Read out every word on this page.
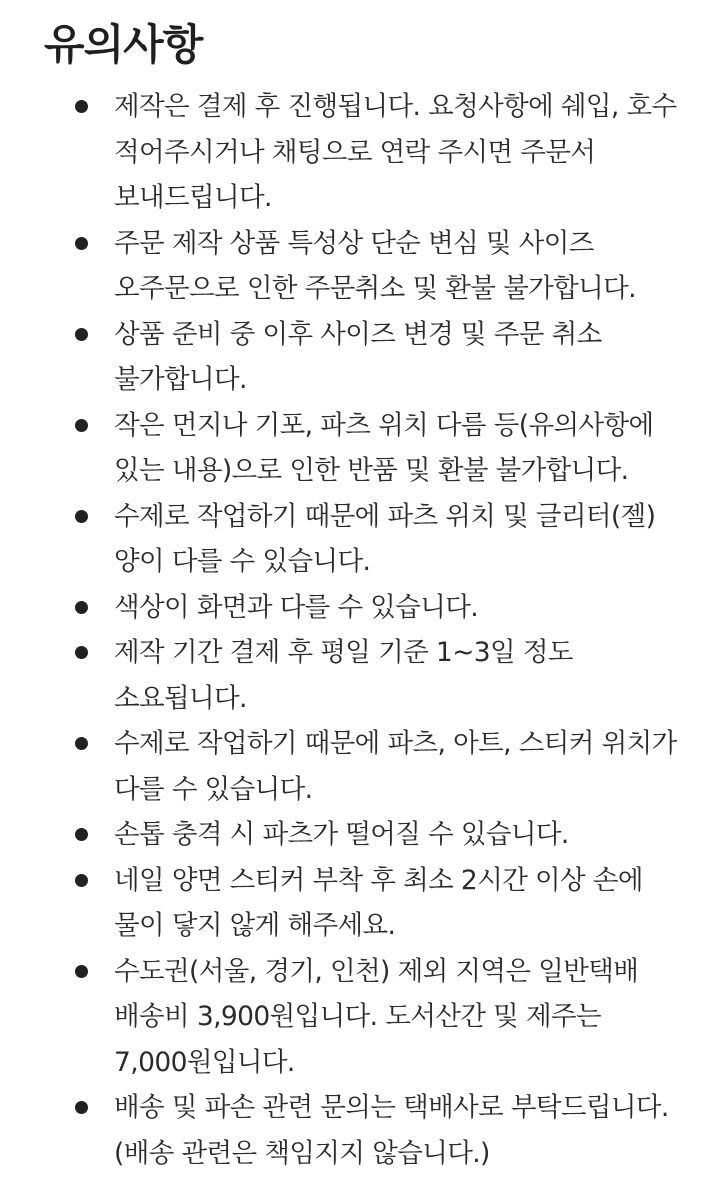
유의사항
제작은 결제 후 진행됩니다. 요청사항에 쉐입, 호수 적어주시거나 채팅으로 연락 주시면 주문서 보내드립니다.
주문 제작 상품 특성상 단순 변심 및 사이즈 오주문으로 인한 주문취소 및 환불 불가합니다.
상품 준비 중 이후 사이즈 변경 및 주문 취소 불가합니다.
작은 먼지나 기포, 파츠 위치 다름 등(유의사항에 있는 내용)으로 인한 반품 및 환불 불가합니다.
수제로 작업하기 때문에 파츠 위치 및 글리터(젤) 양이 다를 수 있습니다.
색상이 화면과 다를 수 있습니다.
제작 기간 결제 후 평일 기준 1~3일 정도 소요됩니다.
수제로 작업하기 때문에 파츠, 아트, 스티커 위치가 다를 수 있습니다.
손톱 충격 시 파츠가 떨어질 수 있습니다.
네일 양면 스티커 부착 후 최소 2시간 이상 손에 물이 닿지 않게 해주세요.
수도권(서울, 경기, 인천) 제외 지역은 일반택배 배송비 3,900원입니다. 도서산간 및 제주는 7,000원입니다.
배송 및 파손 관련 문의는 택배사로 부탁드립니다.(배송 관련은 책임지지 않습니다.)
